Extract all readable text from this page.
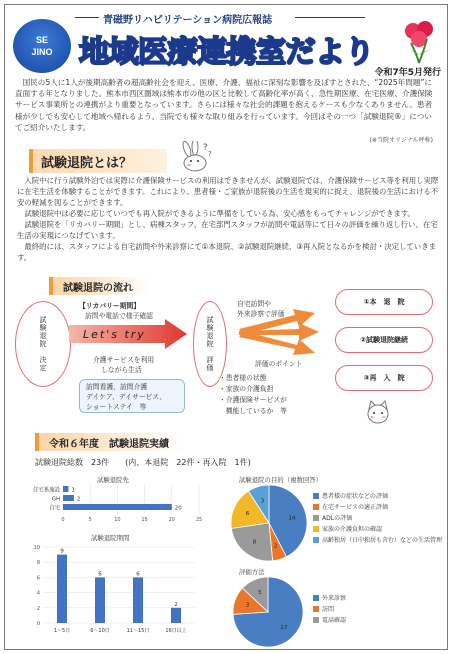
SE
JINO
青磁野リハビリテーション病院広報誌
地域医療連携室だより
令和7年5月発行
国民の5人に1人が後期高齢者の超高齢社会を迎え、医療、介護、福祉に深刻な影響を及ぼすとされた、“2025年問題”に直面する年となりました。熊本市西区圏域は熊本市の他の区と比較して高齢化率が高く、急性期医療、在宅医療、介護保険サービス事業所との連携がより重要となっています。さらには様々な社会的課題を抱えるケースも少なくありません。患者様が少しでも安心して地域へ帰れるよう、当院でも様々な取り組みを行っています。今回はその一つ「試験退院®」についてご紹介いたします。
(※当院オリジナル呼称)
試験退院とは？
?
?

入院中に行う試験外泊では実際に介護保険サービスの利用はできませんが、試験退院では、介護保険サービス等を利用し実際に在宅生活を体験することができます。これにより、患者様・ご家族が退院後の生活を現実的に捉え、退院後の生活における不安の軽減を図ることができます。

試験退院中は必要に応じていつでも再入院ができるように準備をしている為、安心感をもってチャレンジができます。

試験退院を「リカバリー期間」とし、病棟スタッフ、在宅部門スタッフが訪問や電話等にて日々の評価を繰り返し行い、在宅生活の実現につなげています。

最終的には、スタッフによる自宅訪問や外来診察にて①本退院、②試験退院継続、③再入院となるかを検討・決定していきます。

試験退院の流れ
試験退院　決定
【リカバリー期間】
訪問や電話で様子確認
Let's try
介護サービスを利用
しながら生活
訪問看護、訪問介護
デイケア、デイサービス、
ショートステイ　等
試験退院　評価
自宅訪問や
外来診察で評価
評価のポイント
・患者様の状態
・家族の介護負担
・介護保険サービスが
　機能しているか　等
①本　退　院
②試験退院継続
③再　入　院
令和６年度　試験退院実績
試験退院総数　23件　　(内、本退院　22件・再入院　1件)
試験退院先
0	5	10	15	20	25
住宅系施設 1
GH	2
自宅	20
試験退院期間
0
2
4
6
8
10
9
1〜5日
6
6〜10日
6
11〜15日
2
16日以上
試験退院の目的（複数回答）
14
2
8
6
3
患者様の症状などの評価
在宅サービスの適正評価
ADLの評価
家族の介護負担の確認
高齢独居（日中独居も含む）などの生活管理
評価方法
17
3
3
外来診察
訪問
電話確認
